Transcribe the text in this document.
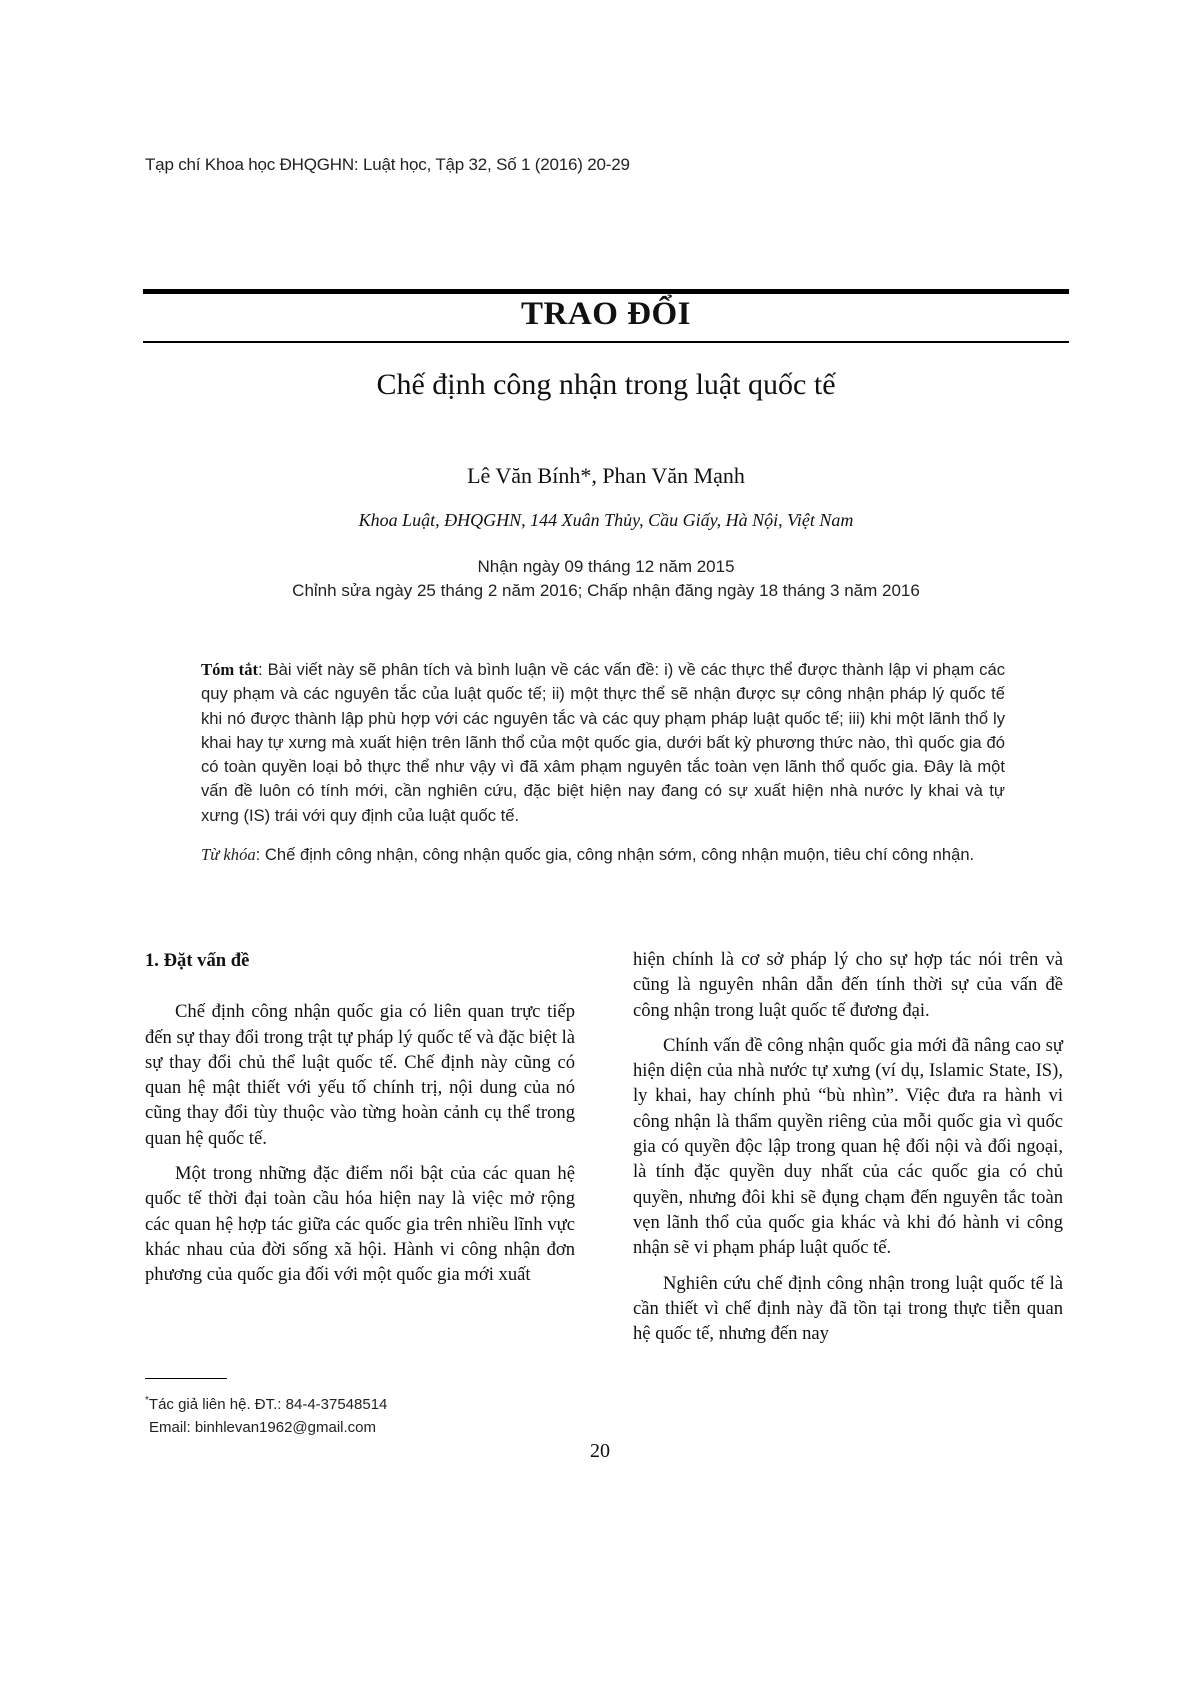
Tạp chí Khoa học ĐHQGHN: Luật học, Tập 32, Số 1 (2016) 20-29
TRAO ĐỔI
Chế định công nhận trong luật quốc tế
Lê Văn Bính*, Phan Văn Mạnh
Khoa Luật, ĐHQGHN, 144 Xuân Thủy, Cầu Giấy, Hà Nội, Việt Nam
Nhận ngày 09 tháng 12 năm 2015
Chỉnh sửa ngày 25 tháng 2 năm 2016; Chấp nhận đăng ngày 18 tháng 3 năm 2016
Tóm tắt: Bài viết này sẽ phân tích và bình luận về các vấn đề: i) về các thực thể được thành lập vi phạm các quy phạm và các nguyên tắc của luật quốc tế; ii) một thực thể sẽ nhận được sự công nhận pháp lý quốc tế khi nó được thành lập phù hợp với các nguyên tắc và các quy phạm pháp luật quốc tế; iii) khi một lãnh thổ ly khai hay tự xưng mà xuất hiện trên lãnh thổ của một quốc gia, dưới bất kỳ phương thức nào, thì quốc gia đó có toàn quyền loại bỏ thực thể như vậy vì đã xâm phạm nguyên tắc toàn vẹn lãnh thổ quốc gia. Đây là một vấn đề luôn có tính mới, cần nghiên cứu, đặc biệt hiện nay đang có sự xuất hiện nhà nước ly khai và tự xưng (IS) trái với quy định của luật quốc tế.
Từ khóa: Chế định công nhận, công nhận quốc gia, công nhận sớm, công nhận muộn, tiêu chí công nhận.

1. Đặt vấn đề

Chế định công nhận quốc gia có liên quan trực tiếp đến sự thay đổi trong trật tự pháp lý quốc tế và đặc biệt là sự thay đổi chủ thể luật quốc tế. Chế định này cũng có quan hệ mật thiết với yếu tố chính trị, nội dung của nó cũng thay đổi tùy thuộc vào từng hoàn cảnh cụ thể trong quan hệ quốc tế.

Một trong những đặc điểm nổi bật của các quan hệ quốc tế thời đại toàn cầu hóa hiện nay là việc mở rộng các quan hệ hợp tác giữa các quốc gia trên nhiều lĩnh vực khác nhau của đời sống xã hội. Hành vi công nhận đơn phương của quốc gia đối với một quốc gia mới xuất

hiện chính là cơ sở pháp lý cho sự hợp tác nói trên và cũng là nguyên nhân dẫn đến tính thời sự của vấn đề công nhận trong luật quốc tế đương đại.

Chính vấn đề công nhận quốc gia mới đã nâng cao sự hiện diện của nhà nước tự xưng (ví dụ, Islamic State, IS), ly khai, hay chính phủ “bù nhìn”. Việc đưa ra hành vi công nhận là thẩm quyền riêng của mỗi quốc gia vì quốc gia có quyền độc lập trong quan hệ đối nội và đối ngoại, là tính đặc quyền duy nhất của các quốc gia có chủ quyền, nhưng đôi khi sẽ đụng chạm đến nguyên tắc toàn vẹn lãnh thổ của quốc gia khác và khi đó hành vi công nhận sẽ vi phạm pháp luật quốc tế.

Nghiên cứu chế định công nhận trong luật quốc tế là cần thiết vì chế định này đã tồn tại trong thực tiễn quan hệ quốc tế, nhưng đến nay

*Tác giả liên hệ. ĐT.: 84-4-37548514
Email: binhlevan1962@gmail.com
20
